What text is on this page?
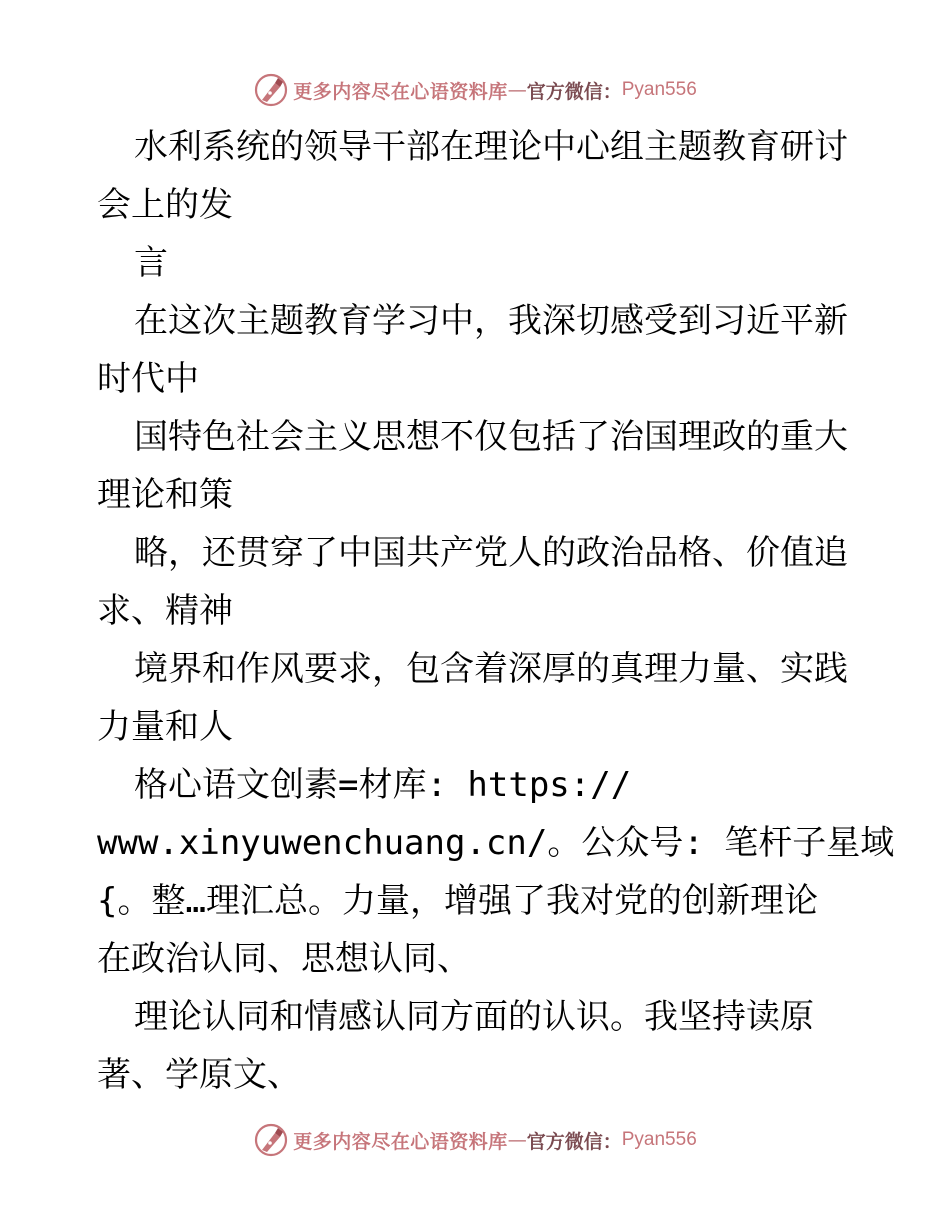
更多内容尽在心语资料库 — 官方微信： Pyan556
水利系统的领导干部在理论中心组主题教育研讨
会上的发
言
在这次主题教育学习中，我深切感受到习近平新
时代中
国特色社会主义思想不仅包括了治国理政的重大
理论和策
略，还贯穿了中国共产党人的政治品格、价值追
求、精神
境界和作风要求，包含着深厚的真理力量、实践
力量和人
格心语文创素=材库: https://
www.xinyuwenchuang.cn/。公众号: 笔杆子星域
{。整…理汇总。力量，增强了我对党的创新理论
在政治认同、思想认同、
理论认同和情感认同方面的认识。我坚持读原
著、学原文、
更多内容尽在心语资料库 — 官方微信： Pyan556
